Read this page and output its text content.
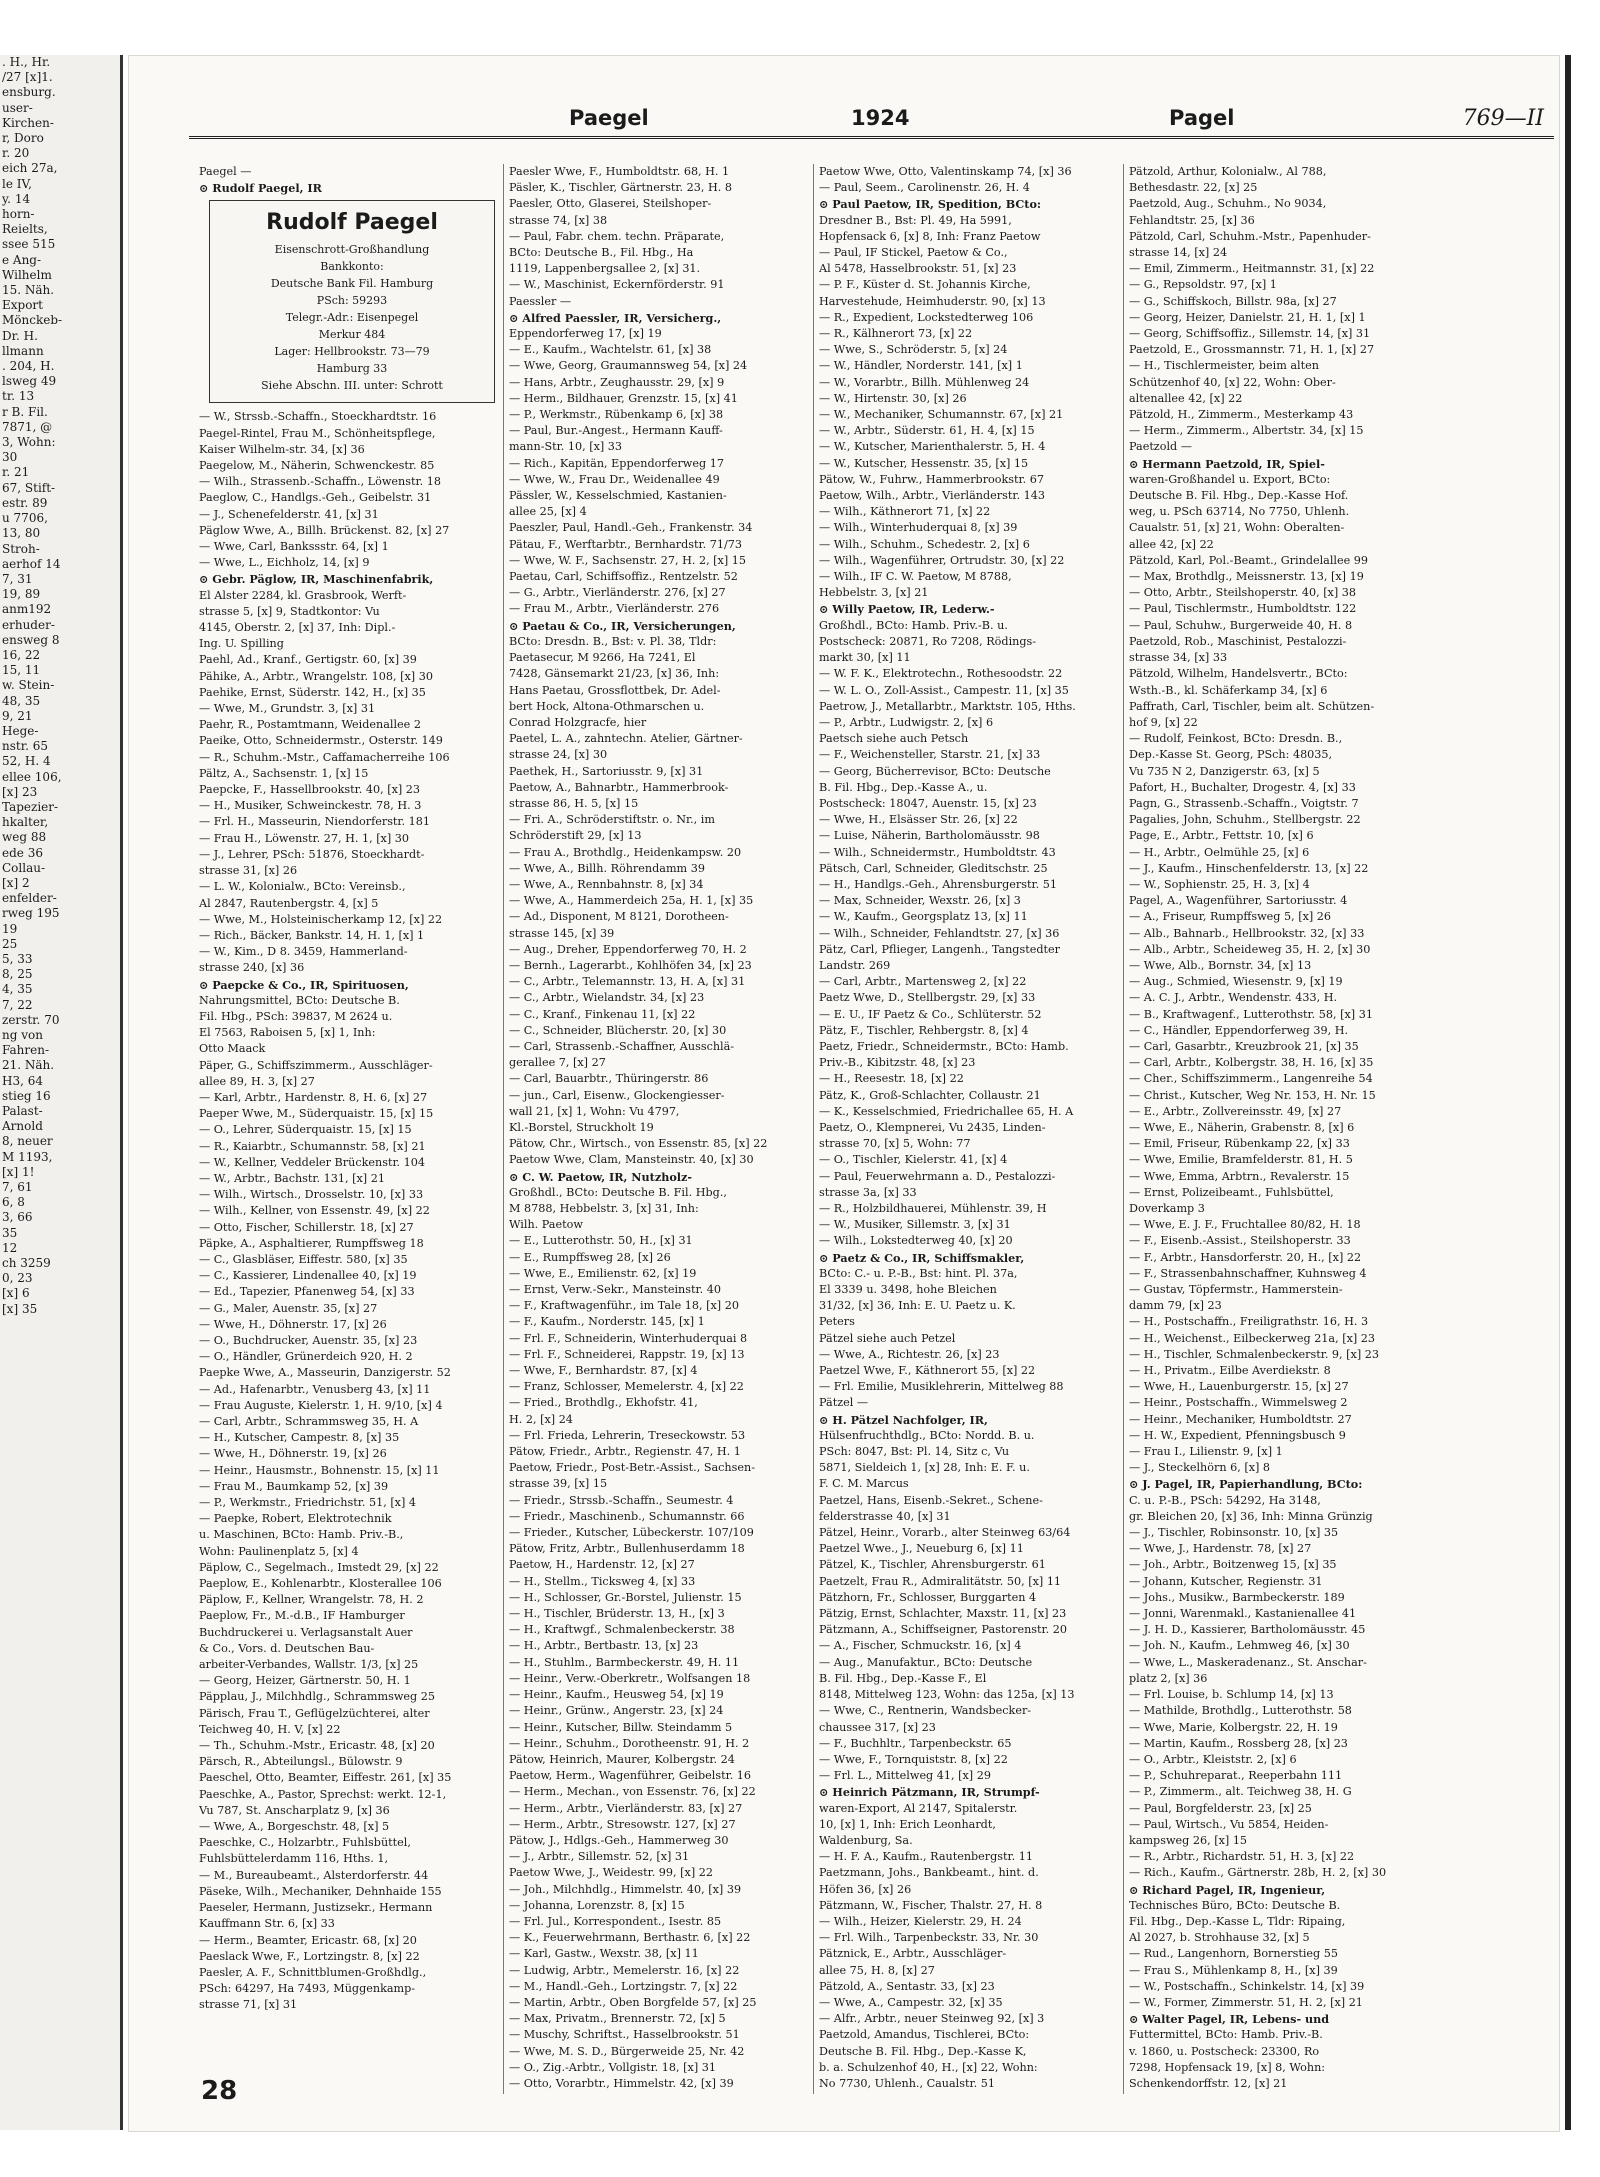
. H., Hr.
/27 [x]1.
ensburg.
user-
Kirchen-
r, Doro
r. 20
eich 27a,
le IV,
y. 14
horn-
Reielts,
ssee 515
e Ang-
Wilhelm
15. Näh.
Export
Mönckeb-
Dr. H.
llmann
. 204, H.
lsweg 49
tr. 13
r B. Fil.
7871, @
3, Wohn:
30
r. 21
67, Stift-
estr. 89
u 7706,
13, 80
Stroh-
aerhof 14
7, 31
19, 89
anm192
erhuder-
ensweg 8
16, 22
15, 11
w. Stein-
48, 35
9, 21
Hege-
nstr. 65
52, H. 4
ellee 106,
[x] 23
Tapezier-
hkalter,
weg 88
ede 36
Collau-
[x] 2
enfelder-
rweg 195
19
25
5, 33
8, 25
4, 35
7, 22
zerstr. 70
ng von
Fahren-
21. Näh.
H3, 64
stieg 16
Palast-
Arnold
8, neuer
M 1193,
[x] 1!
7, 61
6, 8
3, 66
35
12
ch 3259
0, 23
[x] 6
[x] 35
Paegel	1924	Pagel	769—II
Paegel —
⊙ Rudolf Paegel, IR
Rudolf Paegel
Eisenschrott-Großhandlung
Bankkonto:
Deutsche Bank Fil. Hamburg
PSch: 59293
Telegr.-Adr.: Eisenpegel
Merkur 484
Lager: Hellbrookstr. 73—79
Hamburg 33
Siehe Abschn. III. unter: Schrott
— W., Strssb.-Schaffn., Stoeckhardtstr. 16
Paegel-Rintel, Frau M., Schönheitspflege,
Kaiser Wilhelm-str. 34, [x] 36
Paegelow, M., Näherin, Schwenckestr. 85
— Wilh., Strassenb.-Schaffn., Löwenstr. 18
Paeglow, C., Handlgs.-Geh., Geibelstr. 31
— J., Schenefelderstr. 41, [x] 31
Päglow Wwe, A., Billh. Brückenst. 82, [x] 27
— Wwe, Carl, Bankssstr. 64, [x] 1
— Wwe, L., Eichholz, 14, [x] 9
⊙ Gebr. Päglow, IR, Maschinenfabrik,
El Alster 2284, kl. Grasbrook, Werft-
strasse 5, [x] 9, Stadtkontor: Vu
4145, Oberstr. 2, [x] 37, Inh: Dipl.-
Ing. U. Spilling
Paehl, Ad., Kranf., Gertigstr. 60, [x] 39
Pähike, A., Arbtr., Wrangelstr. 108, [x] 30
Paehike, Ernst, Süderstr. 142, H., [x] 35
— Wwe, M., Grundstr. 3, [x] 31
Paehr, R., Postamtmann, Weidenallee 2
Paeike, Otto, Schneidermstr., Osterstr. 149
— R., Schuhm.-Mstr., Caffamacherreihe 106
Pältz, A., Sachsenstr. 1, [x] 15
Paepcke, F., Hassellbrookstr. 40, [x] 23
— H., Musiker, Schweinckestr. 78, H. 3
— Frl. H., Masseurin, Niendorferstr. 181
— Frau H., Löwenstr. 27, H. 1, [x] 30
— J., Lehrer, PSch: 51876, Stoeckhardt-
strasse 31, [x] 26
— L. W., Kolonialw., BCto: Vereinsb.,
Al 2847, Rautenbergstr. 4, [x] 5
— Wwe, M., Holsteinischerkamp 12, [x] 22
— Rich., Bäcker, Bankstr. 14, H. 1, [x] 1
— W., Kim., D 8. 3459, Hammerland-
strasse 240, [x] 36
⊙ Paepcke & Co., IR, Spirituosen,
Nahrungsmittel, BCto: Deutsche B.
Fil. Hbg., PSch: 39837, M 2624 u.
El 7563, Raboisen 5, [x] 1, Inh:
Otto Maack
Päper, G., Schiffszimmerm., Ausschläger-
allee 89, H. 3, [x] 27
— Karl, Arbtr., Hardenstr. 8, H. 6, [x] 27
Paeper Wwe, M., Süderquaistr. 15, [x] 15
— O., Lehrer, Süderquaistr. 15, [x] 15
— R., Kaiarbtr., Schumannstr. 58, [x] 21
— W., Kellner, Veddeler Brückenstr. 104
— W., Arbtr., Bachstr. 131, [x] 21
— Wilh., Wirtsch., Drosselstr. 10, [x] 33
— Wilh., Kellner, von Essenstr. 49, [x] 22
— Otto, Fischer, Schillerstr. 18, [x] 27
Päpke, A., Asphaltierer, Rumpffsweg 18
— C., Glasbläser, Eiffestr. 580, [x] 35
— C., Kassierer, Lindenallee 40, [x] 19
— Ed., Tapezier, Pfanenweg 54, [x] 33
— G., Maler, Auenstr. 35, [x] 27
— Wwe, H., Döhnerstr. 17, [x] 26
— O., Buchdrucker, Auenstr. 35, [x] 23
— O., Händler, Grünerdeich 920, H. 2
Paepke Wwe, A., Masseurin, Danzigerstr. 52
— Ad., Hafenarbtr., Venusberg 43, [x] 11
— Frau Auguste, Kielerstr. 1, H. 9/10, [x] 4
— Carl, Arbtr., Schrammsweg 35, H. A
— H., Kutscher, Campestr. 8, [x] 35
— Wwe, H., Döhnerstr. 19, [x] 26
— Heinr., Hausmstr., Bohnenstr. 15, [x] 11
— Frau M., Baumkamp 52, [x] 39
— P., Werkmstr., Friedrichstr. 51, [x] 4
— Paepke, Robert, Elektrotechnik
u. Maschinen, BCto: Hamb. Priv.-B.,
Wohn: Paulinenplatz 5, [x] 4
Päplow, C., Segelmach., Imstedt 29, [x] 22
Paeplow, E., Kohlenarbtr., Klosterallee 106
Päplow, F., Kellner, Wrangelstr. 78, H. 2
Paeplow, Fr., M.-d.B., IF Hamburger
Buchdruckerei u. Verlagsanstalt Auer
& Co., Vors. d. Deutschen Bau-
arbeiter-Verbandes, Wallstr. 1/3, [x] 25
— Georg, Heizer, Gärtnerstr. 50, H. 1
Päpplau, J., Milchhdlg., Schrammsweg 25
Pärisch, Frau T., Geflügelzüchterei, alter
Teichweg 40, H. V, [x] 22
— Th., Schuhm.-Mstr., Ericastr. 48, [x] 20
Pärsch, R., Abteilungsl., Bülowstr. 9
Paeschel, Otto, Beamter, Eiffestr. 261, [x] 35
Paeschke, A., Pastor, Sprechst: werkt. 12-1,
Vu 787, St. Anscharplatz 9, [x] 36
— Wwe, A., Borgeschstr. 48, [x] 5
Paeschke, C., Holzarbtr., Fuhlsbüttel,
Fuhlsbüttelerdamm 116, Hths. 1,
— M., Bureaubeamt., Alsterdorferstr. 44
Päseke, Wilh., Mechaniker, Dehnhaide 155
Paeseler, Hermann, Justizsekr., Hermann
Kauffmann Str. 6, [x] 33
— Herm., Beamter, Ericastr. 68, [x] 20
Paeslack Wwe, F., Lortzingstr. 8, [x] 22
Paesler, A. F., Schnittblumen-Großhdlg.,
PSch: 64297, Ha 7493, Müggenkamp-
strasse 71, [x] 31
Paesler Wwe, F., Humboldtstr. 68, H. 1
Päsler, K., Tischler, Gärtnerstr. 23, H. 8
Paesler, Otto, Glaserei, Steilshoper-
strasse 74, [x] 38
— Paul, Fabr. chem. techn. Präparate,
BCto: Deutsche B., Fil. Hbg., Ha
1119, Lappenbergsallee 2, [x] 31.
— W., Maschinist, Eckernförderstr. 91
Paessler —
⊙ Alfred Paessler, IR, Versicherg.,
Eppendorferweg 17, [x] 19
— E., Kaufm., Wachtelstr. 61, [x] 38
— Wwe, Georg, Graumannsweg 54, [x] 24
— Hans, Arbtr., Zeughausstr. 29, [x] 9
— Herm., Bildhauer, Grenzstr. 15, [x] 41
— P., Werkmstr., Rübenkamp 6, [x] 38
— Paul, Bur.-Angest., Hermann Kauff-
mann-Str. 10, [x] 33
— Rich., Kapitän, Eppendorferweg 17
— Wwe, W., Frau Dr., Weidenallee 49
Pässler, W., Kesselschmied, Kastanien-
allee 25, [x] 4
Paeszler, Paul, Handl.-Geh., Frankenstr. 34
Pätau, F., Werftarbtr., Bernhardstr. 71/73
— Wwe, W. F., Sachsenstr. 27, H. 2, [x] 15
Paetau, Carl, Schiffsoffiz., Rentzelstr. 52
— G., Arbtr., Vierländerstr. 276, [x] 27
— Frau M., Arbtr., Vierländerstr. 276
⊙ Paetau & Co., IR, Versicherungen,
BCto: Dresdn. B., Bst: v. Pl. 38, Tldr:
Paetasecur, M 9266, Ha 7241, El
7428, Gänsemarkt 21/23, [x] 36, Inh:
Hans Paetau, Grossflottbek, Dr. Adel-
bert Hock, Altona-Othmarschen u.
Conrad Holzgracfe, hier
Paetel, L. A., zahntechn. Atelier, Gärtner-
strasse 24, [x] 30
Paethek, H., Sartoriusstr. 9, [x] 31
Paetow, A., Bahnarbtr., Hammerbrook-
strasse 86, H. 5, [x] 15
— Fri. A., Schröderstiftstr. o. Nr., im
Schröderstift 29, [x] 13
— Frau A., Brothdlg., Heidenkampsw. 20
— Wwe, A., Billh. Röhrendamm 39
— Wwe, A., Rennbahnstr. 8, [x] 34
— Wwe, A., Hammerdeich 25a, H. 1, [x] 35
— Ad., Disponent, M 8121, Dorotheen-
strasse 145, [x] 39
— Aug., Dreher, Eppendorferweg 70, H. 2
— Bernh., Lagerarbt., Kohlhöfen 34, [x] 23
— C., Arbtr., Telemannstr. 13, H. A, [x] 31
— C., Arbtr., Wielandstr. 34, [x] 23
— C., Kranf., Finkenau 11, [x] 22
— C., Schneider, Blücherstr. 20, [x] 30
— Carl, Strassenb.-Schaffner, Ausschlä-
gerallee 7, [x] 27
— Carl, Bauarbtr., Thüringerstr. 86
— jun., Carl, Eisenw., Glockengiesser-
wall 21, [x] 1, Wohn: Vu 4797,
Kl.-Borstel, Struckholt 19
Pätow, Chr., Wirtsch., von Essenstr. 85, [x] 22
Paetow Wwe, Clam, Mansteinstr. 40, [x] 30
⊙ C. W. Paetow, IR, Nutzholz-
Großhdl., BCto: Deutsche B. Fil. Hbg.,
M 8788, Hebbelstr. 3, [x] 31, Inh:
Wilh. Paetow
— E., Lutterothstr. 50, H., [x] 31
— E., Rumpffsweg 28, [x] 26
— Wwe, E., Emilienstr. 62, [x] 19
— Ernst, Verw.-Sekr., Mansteinstr. 40
— F., Kraftwagenführ., im Tale 18, [x] 20
— F., Kaufm., Norderstr. 145, [x] 1
— Frl. F., Schneiderin, Winterhuderquai 8
— Frl. F., Schneiderei, Rappstr. 19, [x] 13
— Wwe, F., Bernhardstr. 87, [x] 4
— Franz, Schlosser, Memelerstr. 4, [x] 22
— Fried., Brothdlg., Ekhofstr. 41,
H. 2, [x] 24
— Frl. Frieda, Lehrerin, Treseckowstr. 53
Pätow, Friedr., Arbtr., Regienstr. 47, H. 1
Paetow, Friedr., Post-Betr.-Assist., Sachsen-
strasse 39, [x] 15
— Friedr., Strssb.-Schaffn., Seumestr. 4
— Friedr., Maschinenb., Schumannstr. 66
— Frieder., Kutscher, Lübeckerstr. 107/109
Pätow, Fritz, Arbtr., Bullenhuserdamm 18
Paetow, H., Hardenstr. 12, [x] 27
— H., Stellm., Ticksweg 4, [x] 33
— H., Schlosser, Gr.-Borstel, Julienstr. 15
— H., Tischler, Brüderstr. 13, H., [x] 3
— H., Kraftwgf., Schmalenbeckerstr. 38
— H., Arbtr., Bertbastr. 13, [x] 23
— H., Stuhlm., Barmbeckerstr. 49, H. 11
— Heinr., Verw.-Oberkretr., Wolfsangen 18
— Heinr., Kaufm., Heusweg 54, [x] 19
— Heinr., Grünw., Angerstr. 23, [x] 24
— Heinr., Kutscher, Billw. Steindamm 5
— Heinr., Schuhm., Dorotheenstr. 91, H. 2
Pätow, Heinrich, Maurer, Kolbergstr. 24
Paetow, Herm., Wagenführer, Geibelstr. 16
— Herm., Mechan., von Essenstr. 76, [x] 22
— Herm., Arbtr., Vierländerstr. 83, [x] 27
— Herm., Arbtr., Stresowstr. 127, [x] 27
Pätow, J., Hdlgs.-Geh., Hammerweg 30
— J., Arbtr., Sillemstr. 52, [x] 31
Paetow Wwe, J., Weidestr. 99, [x] 22
— Joh., Milchhdlg., Himmelstr. 40, [x] 39
— Johanna, Lorenzstr. 8, [x] 15
— Frl. Jul., Korrespondent., Isestr. 85
— K., Feuerwehrmann, Berthastr. 6, [x] 22
— Karl, Gastw., Wexstr. 38, [x] 11
— Ludwig, Arbtr., Memelerstr. 16, [x] 22
— M., Handl.-Geh., Lortzingstr. 7, [x] 22
— Martin, Arbtr., Oben Borgfelde 57, [x] 25
— Max, Privatm., Brennerstr. 72, [x] 5
— Muschy, Schriftst., Hasselbrookstr. 51
— Wwe, M. S. D., Bürgerweide 25, Nr. 42
— O., Zig.-Arbtr., Vollgistr. 18, [x] 31
— Otto, Vorarbtr., Himmelstr. 42, [x] 39
Paetow Wwe, Otto, Valentinskamp 74, [x] 36
— Paul, Seem., Carolinenstr. 26, H. 4
⊙ Paul Paetow, IR, Spedition, BCto:
Dresdner B., Bst: Pl. 49, Ha 5991,
Hopfensack 6, [x] 8, Inh: Franz Paetow
— Paul, IF Stickel, Paetow & Co.,
Al 5478, Hasselbrookstr. 51, [x] 23
— P. F., Küster d. St. Johannis Kirche,
Harvestehude, Heimhuderstr. 90, [x] 13
— R., Expedient, Lockstedterweg 106
— R., Kälhnerort 73, [x] 22
— Wwe, S., Schröderstr. 5, [x] 24
— W., Händler, Norderstr. 141, [x] 1
— W., Vorarbtr., Billh. Mühlenweg 24
— W., Hirtenstr. 30, [x] 26
— W., Mechaniker, Schumannstr. 67, [x] 21
— W., Arbtr., Süderstr. 61, H. 4, [x] 15
— W., Kutscher, Marienthalerstr. 5, H. 4
— W., Kutscher, Hessenstr. 35, [x] 15
Pätow, W., Fuhrw., Hammerbrookstr. 67
Paetow, Wilh., Arbtr., Vierländerstr. 143
— Wilh., Käthnerort 71, [x] 22
— Wilh., Winterhuderquai 8, [x] 39
— Wilh., Schuhm., Schedestr. 2, [x] 6
— Wilh., Wagenführer, Ortrudstr. 30, [x] 22
— Wilh., IF C. W. Paetow, M 8788,
Hebbelstr. 3, [x] 21
⊙ Willy Paetow, IR, Lederw.-
Großhdl., BCto: Hamb. Priv.-B. u.
Postscheck: 20871, Ro 7208, Rödings-
markt 30, [x] 11
— W. F. K., Elektrotechn., Rothesoodstr. 22
— W. L. O., Zoll-Assist., Campestr. 11, [x] 35
Paetrow, J., Metallarbtr., Marktstr. 105, Hths.
— P., Arbtr., Ludwigstr. 2, [x] 6
Paetsch siehe auch Petsch
— F., Weichensteller, Starstr. 21, [x] 33
— Georg, Bücherrevisor, BCto: Deutsche
B. Fil. Hbg., Dep.-Kasse A., u.
Postscheck: 18047, Auenstr. 15, [x] 23
— Wwe, H., Elsässer Str. 26, [x] 22
— Luise, Näherin, Bartholomäusstr. 98
— Wilh., Schneidermstr., Humboldtstr. 43
Pätsch, Carl, Schneider, Gleditschstr. 25
— H., Handlgs.-Geh., Ahrensburgerstr. 51
— Max, Schneider, Wexstr. 26, [x] 3
— W., Kaufm., Georgsplatz 13, [x] 11
— Wilh., Schneider, Fehlandtstr. 27, [x] 36
Pätz, Carl, Pflieger, Langenh., Tangstedter
Landstr. 269
— Carl, Arbtr., Martensweg 2, [x] 22
Paetz Wwe, D., Stellbergstr. 29, [x] 33
— E. U., IF Paetz & Co., Schlüterstr. 52
Pätz, F., Tischler, Rehbergstr. 8, [x] 4
Paetz, Friedr., Schneidermstr., BCto: Hamb.
Priv.-B., Kibitzstr. 48, [x] 23
— H., Reesestr. 18, [x] 22
Pätz, K., Groß-Schlachter, Collaustr. 21
— K., Kesselschmied, Friedrichallee 65, H. A
Paetz, O., Klempnerei, Vu 2435, Linden-
strasse 70, [x] 5, Wohn: 77
— O., Tischler, Kielerstr. 41, [x] 4
— Paul, Feuerwehrmann a. D., Pestalozzi-
strasse 3a, [x] 33
— R., Holzbildhauerei, Mühlenstr. 39, H
— W., Musiker, Sillemstr. 3, [x] 31
— Wilh., Lokstedterweg 40, [x] 20
⊙ Paetz & Co., IR, Schiffsmakler,
BCto: C.- u. P.-B., Bst: hint. Pl. 37a,
El 3339 u. 3498, hohe Bleichen
31/32, [x] 36, Inh: E. U. Paetz u. K.
Peters
Pätzel siehe auch Petzel
— Wwe, A., Richtestr. 26, [x] 23
Paetzel Wwe, F., Käthnerort 55, [x] 22
— Frl. Emilie, Musiklehrerin, Mittelweg 88
Pätzel —
⊙ H. Pätzel Nachfolger, IR,
Hülsenfruchthdlg., BCto: Nordd. B. u.
PSch: 8047, Bst: Pl. 14, Sitz c, Vu
5871, Sieldeich 1, [x] 28, Inh: E. F. u.
F. C. M. Marcus
Paetzel, Hans, Eisenb.-Sekret., Schene-
felderstrasse 40, [x] 31
Pätzel, Heinr., Vorarb., alter Steinweg 63/64
Paetzel Wwe., J., Neueburg 6, [x] 11
Pätzel, K., Tischler, Ahrensburgerstr. 61
Paetzelt, Frau R., Admiralitätstr. 50, [x] 11
Pätzhorn, Fr., Schlosser, Burggarten 4
Pätzig, Ernst, Schlachter, Maxstr. 11, [x] 23
Pätzmann, A., Schiffseigner, Pastorenstr. 20
— A., Fischer, Schmuckstr. 16, [x] 4
— Aug., Manufaktur., BCto: Deutsche
B. Fil. Hbg., Dep.-Kasse F., El
8148, Mittelweg 123, Wohn: das 125a, [x] 13
— Wwe, C., Rentnerin, Wandsbecker-
chaussee 317, [x] 23
— F., Buchhltr., Tarpenbeckstr. 65
— Wwe, F., Tornquiststr. 8, [x] 22
— Frl. L., Mittelweg 41, [x] 29
⊙ Heinrich Pätzmann, IR, Strumpf-
waren-Export, Al 2147, Spitalerstr.
10, [x] 1, Inh: Erich Leonhardt,
Waldenburg, Sa.
— H. F. A., Kaufm., Rautenbergstr. 11
Paetzmann, Johs., Bankbeamt., hint. d.
Höfen 36, [x] 26
Pätzmann, W., Fischer, Thalstr. 27, H. 8
— Wilh., Heizer, Kielerstr. 29, H. 24
— Frl. Wilh., Tarpenbeckstr. 33, Nr. 30
Pätznick, E., Arbtr., Ausschläger-
allee 75, H. 8, [x] 27
Pätzold, A., Sentastr. 33, [x] 23
— Wwe, A., Campestr. 32, [x] 35
— Alfr., Arbtr., neuer Steinweg 92, [x] 3
Paetzold, Amandus, Tischlerei, BCto:
Deutsche B. Fil. Hbg., Dep.-Kasse K,
b. a. Schulzenhof 40, H., [x] 22, Wohn:
No 7730, Uhlenh., Caualstr. 51
Pätzold, Arthur, Kolonialw., Al 788,
Bethesdastr. 22, [x] 25
Paetzold, Aug., Schuhm., No 9034,
Fehlandtstr. 25, [x] 36
Pätzold, Carl, Schuhm.-Mstr., Papenhuder-
strasse 14, [x] 24
— Emil, Zimmerm., Heitmannstr. 31, [x] 22
— G., Repsoldstr. 97, [x] 1
— G., Schiffskoch, Billstr. 98a, [x] 27
— Georg, Heizer, Danielstr. 21, H. 1, [x] 1
— Georg, Schiffsoffiz., Sillemstr. 14, [x] 31
Paetzold, E., Grossmannstr. 71, H. 1, [x] 27
— H., Tischlermeister, beim alten
Schützenhof 40, [x] 22, Wohn: Ober-
altenallee 42, [x] 22
Pätzold, H., Zimmerm., Mesterkamp 43
— Herm., Zimmerm., Albertstr. 34, [x] 15
Paetzold —
⊙ Hermann Paetzold, IR, Spiel-
waren-Großhandel u. Export, BCto:
Deutsche B. Fil. Hbg., Dep.-Kasse Hof.
weg, u. PSch 63714, No 7750, Uhlenh.
Caualstr. 51, [x] 21, Wohn: Oberalten-
allee 42, [x] 22
Pätzold, Karl, Pol.-Beamt., Grindelallee 99
— Max, Brothdlg., Meissnerstr. 13, [x] 19
— Otto, Arbtr., Steilshoperstr. 40, [x] 38
— Paul, Tischlermstr., Humboldtstr. 122
— Paul, Schuhw., Burgerweide 40, H. 8
Paetzold, Rob., Maschinist, Pestalozzi-
strasse 34, [x] 33
Pätzold, Wilhelm, Handelsvertr., BCto:
Wsth.-B., kl. Schäferkamp 34, [x] 6
Paffrath, Carl, Tischler, beim alt. Schützen-
hof 9, [x] 22
— Rudolf, Feinkost, BCto: Dresdn. B.,
Dep.-Kasse St. Georg, PSch: 48035,
Vu 735 N 2, Danzigerstr. 63, [x] 5
Pafort, H., Buchalter, Drogestr. 4, [x] 33
Pagn, G., Strassenb.-Schaffn., Voigtstr. 7
Pagalies, John, Schuhm., Stellbergstr. 22
Page, E., Arbtr., Fettstr. 10, [x] 6
— H., Arbtr., Oelmühle 25, [x] 6
— J., Kaufm., Hinschenfelderstr. 13, [x] 22
— W., Sophienstr. 25, H. 3, [x] 4
Pagel, A., Wagenführer, Sartoriusstr. 4
— A., Friseur, Rumpffsweg 5, [x] 26
— Alb., Bahnarb., Hellbrookstr. 32, [x] 33
— Alb., Arbtr., Scheideweg 35, H. 2, [x] 30
— Wwe, Alb., Bornstr. 34, [x] 13
— Aug., Schmied, Wiesenstr. 9, [x] 19
— A. C. J., Arbtr., Wendenstr. 433, H.
— B., Kraftwagenf., Lutterothstr. 58, [x] 31
— C., Händler, Eppendorferweg 39, H.
— Carl, Gasarbtr., Kreuzbrook 21, [x] 35
— Carl, Arbtr., Kolbergstr. 38, H. 16, [x] 35
— Cher., Schiffszimmerm., Langenreihe 54
— Christ., Kutscher, Weg Nr. 153, H. Nr. 15
— E., Arbtr., Zollvereinsstr. 49, [x] 27
— Wwe, E., Näherin, Grabenstr. 8, [x] 6
— Emil, Friseur, Rübenkamp 22, [x] 33
— Wwe, Emilie, Bramfelderstr. 81, H. 5
— Wwe, Emma, Arbtrn., Revalerstr. 15
— Ernst, Polizeibeamt., Fuhlsbüttel,
Doverkamp 3
— Wwe, E. J. F., Fruchtallee 80/82, H. 18
— F., Eisenb.-Assist., Steilshoperstr. 33
— F., Arbtr., Hansdorferstr. 20, H., [x] 22
— F., Strassenbahnschaffner, Kuhnsweg 4
— Gustav, Töpfermstr., Hammerstein-
damm 79, [x] 23
— H., Postschaffn., Freiligrathstr. 16, H. 3
— H., Weichenst., Eilbeckerweg 21a, [x] 23
— H., Tischler, Schmalenbeckerstr. 9, [x] 23
— H., Privatm., Eilbe Averdiekstr. 8
— Wwe, H., Lauenburgerstr. 15, [x] 27
— Heinr., Postschaffn., Wimmelsweg 2
— Heinr., Mechaniker, Humboldtstr. 27
— H. W., Expedient, Pfenningsbusch 9
— Frau I., Lilienstr. 9, [x] 1
— J., Steckelhörn 6, [x] 8
⊙ J. Pagel, IR, Papierhandlung, BCto:
C. u. P.-B., PSch: 54292, Ha 3148,
gr. Bleichen 20, [x] 36, Inh: Minna Grünzig
— J., Tischler, Robinsonstr. 10, [x] 35
— Wwe, J., Hardenstr. 78, [x] 27
— Joh., Arbtr., Boitzenweg 15, [x] 35
— Johann, Kutscher, Regienstr. 31
— Johs., Musikw., Barmbeckerstr. 189
— Jonni, Warenmakl., Kastanienallee 41
— J. H. D., Kassierer, Bartholomäusstr. 45
— Joh. N., Kaufm., Lehmweg 46, [x] 30
— Wwe, L., Maskeradenanz., St. Anschar-
platz 2, [x] 36
— Frl. Louise, b. Schlump 14, [x] 13
— Mathilde, Brothdlg., Lutterothstr. 58
— Wwe, Marie, Kolbergstr. 22, H. 19
— Martin, Kaufm., Rossberg 28, [x] 23
— O., Arbtr., Kleiststr. 2, [x] 6
— P., Schuhreparat., Reeperbahn 111
— P., Zimmerm., alt. Teichweg 38, H. G
— Paul, Borgfelderstr. 23, [x] 25
— Paul, Wirtsch., Vu 5854, Heiden-
kampsweg 26, [x] 15
— R., Arbtr., Richardstr. 51, H. 3, [x] 22
— Rich., Kaufm., Gärtnerstr. 28b, H. 2, [x] 30
⊙ Richard Pagel, IR, Ingenieur,
Technisches Büro, BCto: Deutsche B.
Fil. Hbg., Dep.-Kasse L, Tldr: Ripaing,
Al 2027, b. Strohhause 32, [x] 5
— Rud., Langenhorn, Bornerstieg 55
— Frau S., Mühlenkamp 8, H., [x] 39
— W., Postschaffn., Schinkelstr. 14, [x] 39
— W., Former, Zimmerstr. 51, H. 2, [x] 21
⊙ Walter Pagel, IR, Lebens- und
Futtermittel, BCto: Hamb. Priv.-B.
v. 1860, u. Postscheck: 23300, Ro
7298, Hopfensack 19, [x] 8, Wohn:
Schenkendorffstr. 12, [x] 21
28
